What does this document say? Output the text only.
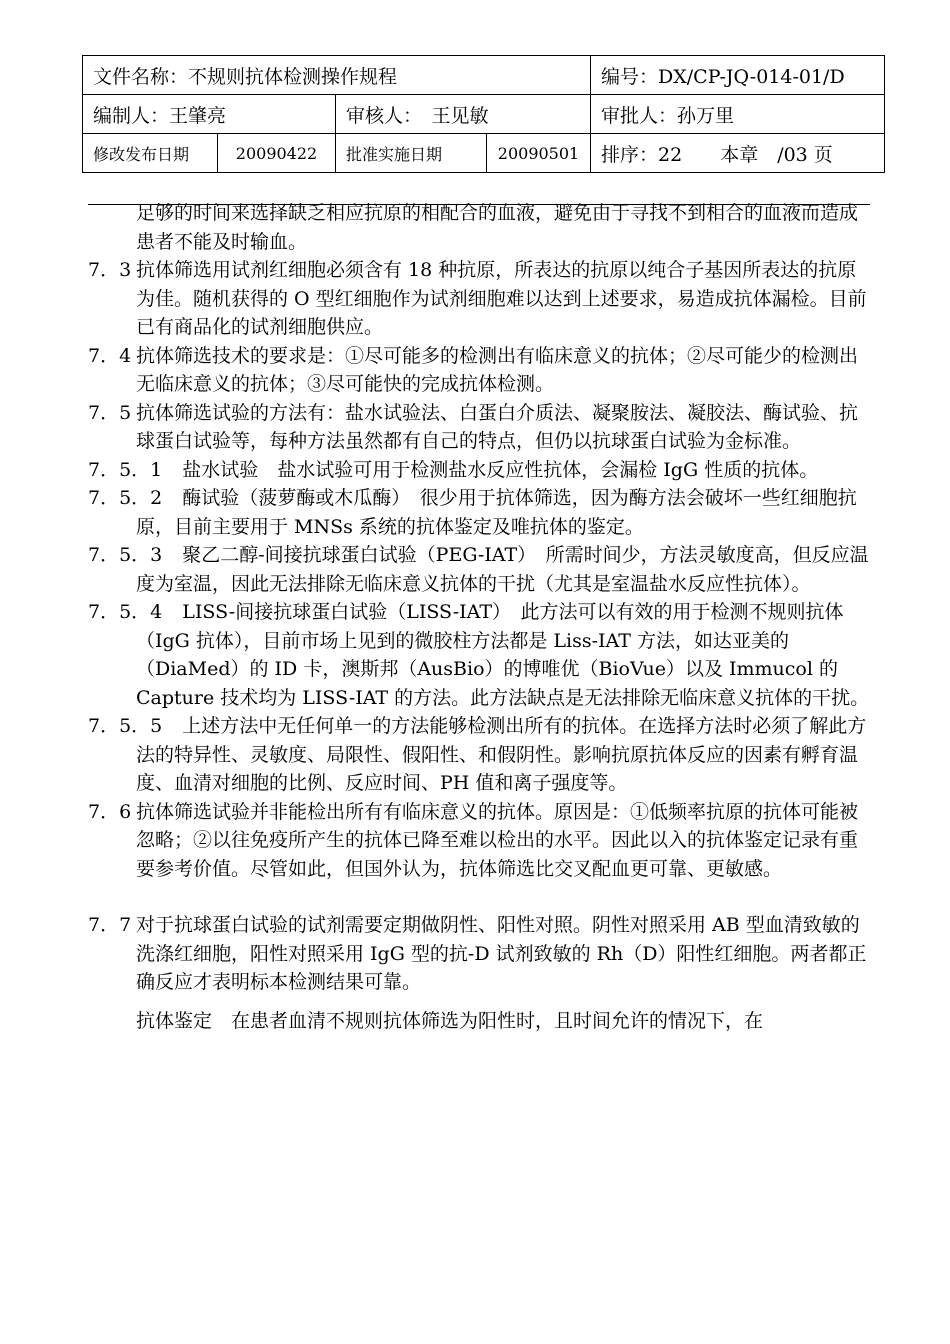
文件名称：不规则抗体检测操作规程				编号：DX/CP-JQ-014-01/D
编制人：王肇亮		审核人：　王见敏		审批人：孙万里
修改发布日期	20090422	批准实施日期	20090501	排序：22　　本章　/03 页

足够的时间来选择缺乏相应抗原的相配合的血液，避免由于寻找不到相合的血液而造成患者不能及时输血。

7．3 抗体筛选用试剂红细胞必须含有 18 种抗原，所表达的抗原以纯合子基因所表达的抗原为佳。随机获得的 O 型红细胞作为试剂细胞难以达到上述要求，易造成抗体漏检。目前已有商品化的试剂细胞供应。

7．4 抗体筛选技术的要求是：①尽可能多的检测出有临床意义的抗体；②尽可能少的检测出无临床意义的抗体；③尽可能快的完成抗体检测。

7．5 抗体筛选试验的方法有：盐水试验法、白蛋白介质法、凝聚胺法、凝胶法、酶试验、抗球蛋白试验等，每种方法虽然都有自己的特点，但仍以抗球蛋白试验为金标准。

7．5．1 盐水试验　盐水试验可用于检测盐水反应性抗体，会漏检 IgG 性质的抗体。

7．5．2 酶试验（菠萝酶或木瓜酶）　很少用于抗体筛选，因为酶方法会破坏一些红细胞抗原，目前主要用于 MNSs 系统的抗体鉴定及唯抗体的鉴定。

7．5．3 聚乙二醇-间接抗球蛋白试验（PEG-IAT）　所需时间少，方法灵敏度高，但反应温度为室温，因此无法排除无临床意义抗体的干扰（尤其是室温盐水反应性抗体）。

7．5．4 LISS-间接抗球蛋白试验（LISS-IAT）　此方法可以有效的用于检测不规则抗体（IgG 抗体），目前市场上见到的微胶柱方法都是 Liss-IAT 方法，如达亚美的（DiaMed）的 ID 卡，澳斯邦（AusBio）的博唯优（BioVue）以及 Immucol 的 Capture 技术均为 LISS-IAT 的方法。此方法缺点是无法排除无临床意义抗体的干扰。

7．5．5 上述方法中无任何单一的方法能够检测出所有的抗体。在选择方法时必须了解此方法的特异性、灵敏度、局限性、假阳性、和假阴性。影响抗原抗体反应的因素有孵育温度、血清对细胞的比例、反应时间、PH 值和离子强度等。

7．6 抗体筛选试验并非能检出所有有临床意义的抗体。原因是：①低频率抗原的抗体可能被忽略；②以往免疫所产生的抗体已降至难以检出的水平。因此以入的抗体鉴定记录有重要参考价值。尽管如此，但国外认为，抗体筛选比交叉配血更可靠、更敏感。

7．7 对于抗球蛋白试验的试剂需要定期做阴性、阳性对照。阴性对照采用 AB 型血清致敏的洗涤红细胞，阳性对照采用 IgG 型的抗-D 试剂致敏的 Rh（D）阳性红细胞。两者都正确反应才表明标本检测结果可靠。

抗体鉴定　在患者血清不规则抗体筛选为阳性时，且时间允许的情况下，在
